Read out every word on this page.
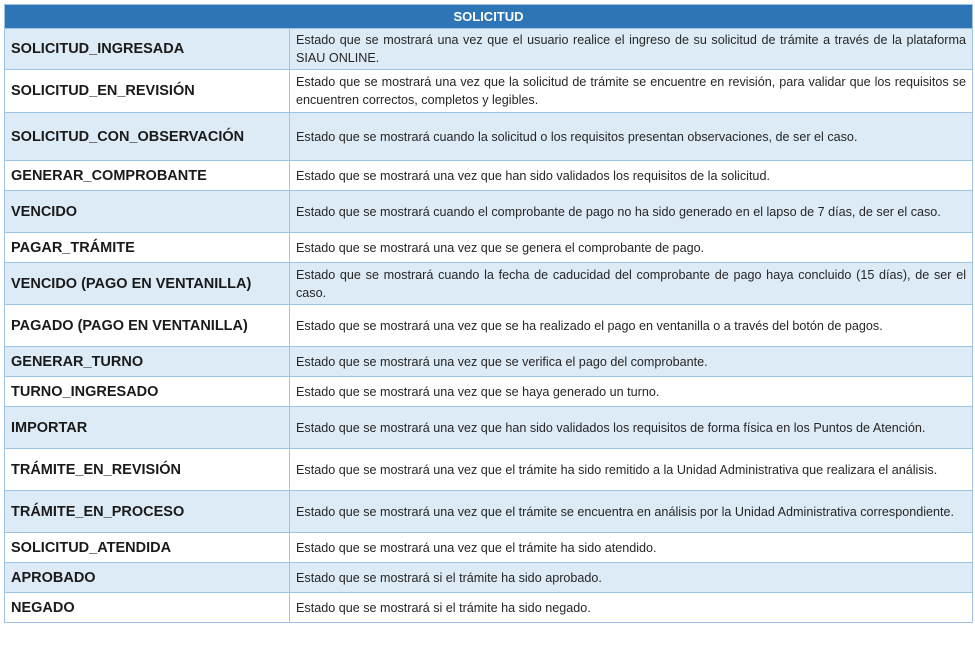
SOLICITUD	
SOLICITUD_INGRESADA	Estado que se mostrará una vez que el usuario realice el ingreso de su solicitud de trámite a través de la plataforma SIAU ONLINE.
SOLICITUD_EN_REVISIÓN	Estado que se mostrará una vez que la solicitud de trámite se encuentre en revisión, para validar que los requisitos se encuentren correctos, completos y legibles.
SOLICITUD_CON_OBSERVACIÓN	Estado que se mostrará cuando la solicitud o los requisitos presentan observaciones, de ser el caso.
GENERAR_COMPROBANTE	Estado que se mostrará una vez que han sido validados los requisitos de la solicitud.
VENCIDO	Estado que se mostrará cuando el comprobante de pago no ha sido generado en el lapso de 7 días, de ser el caso.
PAGAR_TRÁMITE	Estado que se mostrará una vez que se genera el comprobante de pago.
VENCIDO (PAGO EN VENTANILLA)	Estado que se mostrará cuando la fecha de caducidad del comprobante de pago haya concluido (15 días), de ser el caso.
PAGADO (PAGO EN VENTANILLA)	Estado que se mostrará una vez que se ha realizado el pago en ventanilla o a través del botón de pagos.
GENERAR_TURNO	Estado que se mostrará una vez que se verifica el pago del comprobante.
TURNO_INGRESADO	Estado que se mostrará una vez que se haya generado un turno.
IMPORTAR	Estado que se mostrará una vez que han sido validados los requisitos de forma física en los Puntos de Atención.
TRÁMITE_EN_REVISIÓN	Estado que se mostrará una vez que el trámite ha sido remitido a la Unidad Administrativa que realizara el análisis.
TRÁMITE_EN_PROCESO	Estado que se mostrará una vez que el trámite se encuentra en análisis por la Unidad Administrativa correspondiente.
SOLICITUD_ATENDIDA	Estado que se mostrará una vez que el trámite ha sido atendido.
APROBADO	Estado que se mostrará si el trámite ha sido aprobado.
NEGADO	Estado que se mostrará si el trámite ha sido negado.
